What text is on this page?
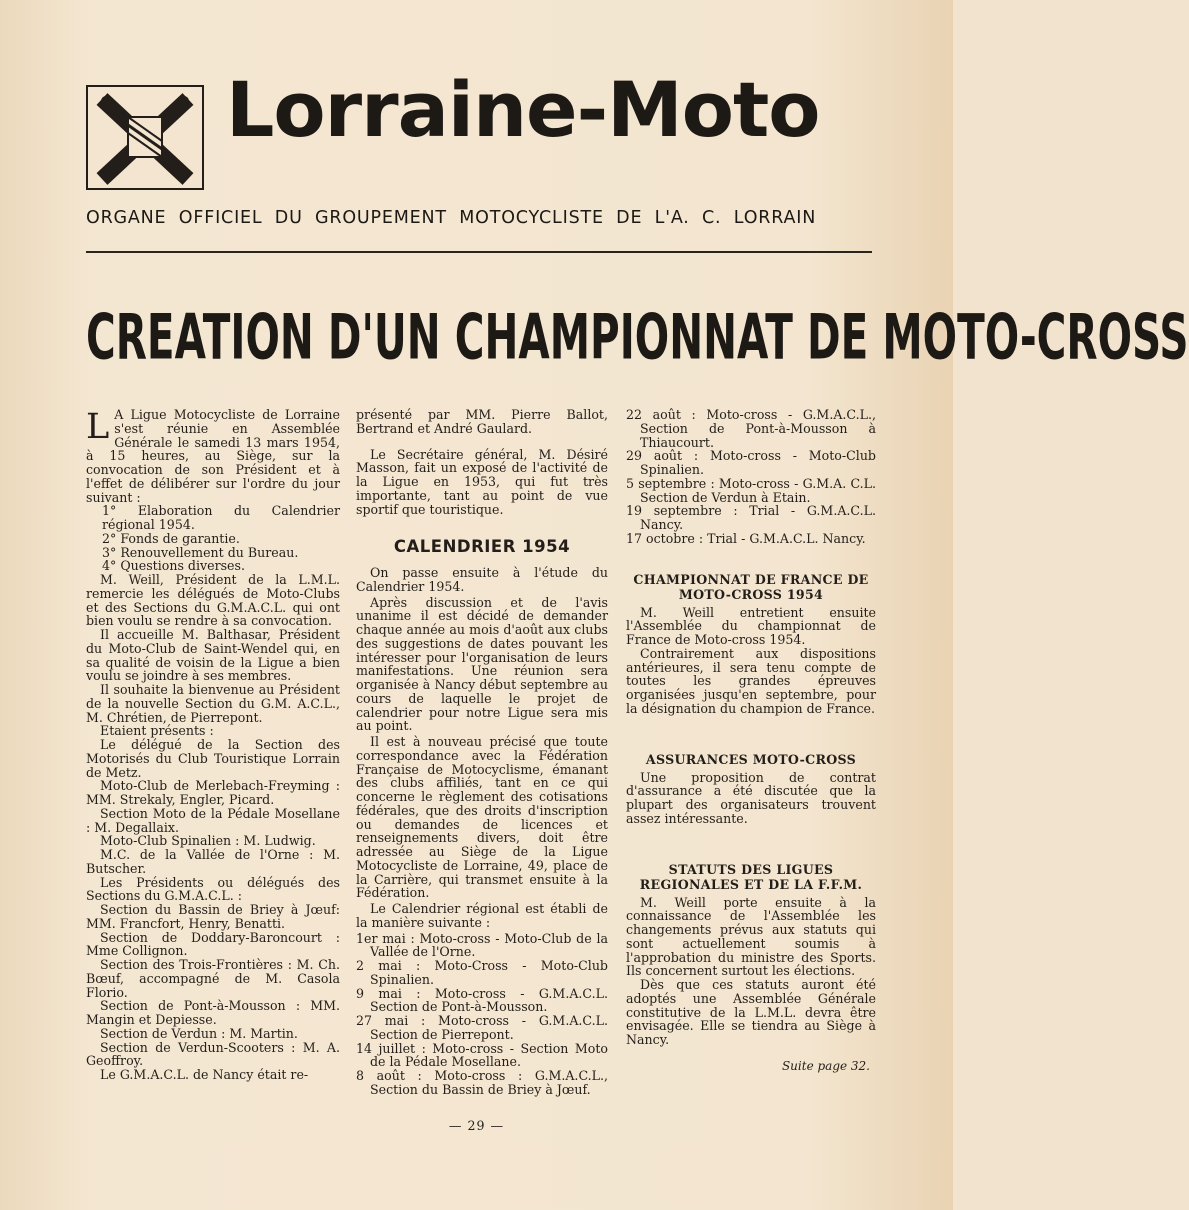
Lorraine-Moto
ORGANE OFFICIEL DU GROUPEMENT MOTOCYCLISTE DE L'A. C. LORRAIN
CREATION D'UN CHAMPIONNAT DE MOTO-CROSS

L A Ligue Motocycliste de Lorraine s'est réunie en Assemblée Générale le samedi 13 mars 1954, à 15 heures, au Siège, sur la convocation de son Président et à l'effet de délibérer sur l'ordre du jour suivant :

1° Elaboration du Calendrier régional 1954.

2° Fonds de garantie.

3° Renouvellement du Bureau.

4° Questions diverses.

M. Weill, Président de la L.M.L. remercie les délégués de Moto-Clubs et des Sections du G.M.A.C.L. qui ont bien voulu se rendre à sa convocation.

Il accueille M. Balthasar, Président du Moto-Club de Saint-Wendel qui, en sa qualité de voisin de la Ligue a bien voulu se joindre à ses membres.

Il souhaite la bienvenue au Président de la nouvelle Section du G.M. A.C.L., M. Chrétien, de Pierrepont.

Etaient présents :

Le délégué de la Section des Motorisés du Club Touristique Lorrain de Metz.

Moto-Club de Merlebach-Freyming : MM. Strekaly, Engler, Picard.

Section Moto de la Pédale Mosellane : M. Degallaix.

Moto-Club Spinalien : M. Ludwig.

M.C. de la Vallée de l'Orne : M. Butscher.

Les Présidents ou délégués des Sections du G.M.A.C.L. :

Section du Bassin de Briey à Jœuf: MM. Francfort, Henry, Benatti.

Section de Doddary-Baroncourt : Mme Collignon.

Section des Trois-Frontières : M. Ch. Bœuf, accompagné de M. Casola Florio.

Section de Pont-à-Mousson : MM. Mangin et Depiesse.

Section de Verdun : M. Martin.

Section de Verdun-Scooters : M. A. Geoffroy.

Le G.M.A.C.L. de Nancy était re-

présenté par MM. Pierre Ballot, Bertrand et André Gaulard.

Le Secrétaire général, M. Désiré Masson, fait un exposé de l'activité de la Ligue en 1953, qui fut très importante, tant au point de vue sportif que touristique.

CALENDRIER 1954

On passe ensuite à l'étude du Calendrier 1954.

Après discussion et de l'avis unanime il est décidé de demander chaque année au mois d'août aux clubs des suggestions de dates pouvant les intéresser pour l'organisation de leurs manifestations. Une réunion sera organisée à Nancy début septembre au cours de laquelle le projet de calendrier pour notre Ligue sera mis au point.

Il est à nouveau précisé que toute correspondance avec la Fédération Française de Motocyclisme, émanant des clubs affiliés, tant en ce qui concerne le règlement des cotisations fédérales, que des droits d'inscription ou demandes de licences et renseignements divers, doit être adressée au Siège de la Ligue Motocycliste de Lorraine, 49, place de la Carrière, qui transmet ensuite à la Fédération.

Le Calendrier régional est établi de la manière suivante :

1er mai : Moto-cross - Moto-Club de la Vallée de l'Orne.

2 mai : Moto-Cross - Moto-Club Spinalien.

9 mai : Moto-cross - G.M.A.C.L. Section de Pont-à-Mousson.

27 mai : Moto-cross - G.M.A.C.L. Section de Pierrepont.

14 juillet : Moto-cross - Section Moto de la Pédale Mosellane.

8 août : Moto-cross : G.M.A.C.L., Section du Bassin de Briey à Jœuf.

22 août : Moto-cross - G.M.A.C.L., Section de Pont-à-Mousson à Thiaucourt.

29 août : Moto-cross - Moto-Club Spinalien.

5 septembre : Moto-cross - G.M.A. C.L. Section de Verdun à Etain.

19 septembre : Trial - G.M.A.C.L. Nancy.

17 octobre : Trial - G.M.A.C.L. Nancy.

CHAMPIONNAT DE FRANCE DE MOTO-CROSS 1954

M. Weill entretient ensuite l'Assemblée du championnat de France de Moto-cross 1954.

Contrairement aux dispositions antérieures, il sera tenu compte de toutes les grandes épreuves organisées jusqu'en septembre, pour la désignation du champion de France.

ASSURANCES MOTO-CROSS

Une proposition de contrat d'assurance a été discutée que la plupart des organisateurs trouvent assez intéressante.

STATUTS DES LIGUES REGIONALES ET DE LA F.F.M.

M. Weill porte ensuite à la connaissance de l'Assemblée les changements prévus aux statuts qui sont actuellement soumis à l'approbation du ministre des Sports. Ils concernent surtout les élections.

Dès que ces statuts auront été adoptés une Assemblée Générale constitutive de la L.M.L. devra être envisagée. Elle se tiendra au Siège à Nancy.

Suite page 32.
— 29 —
